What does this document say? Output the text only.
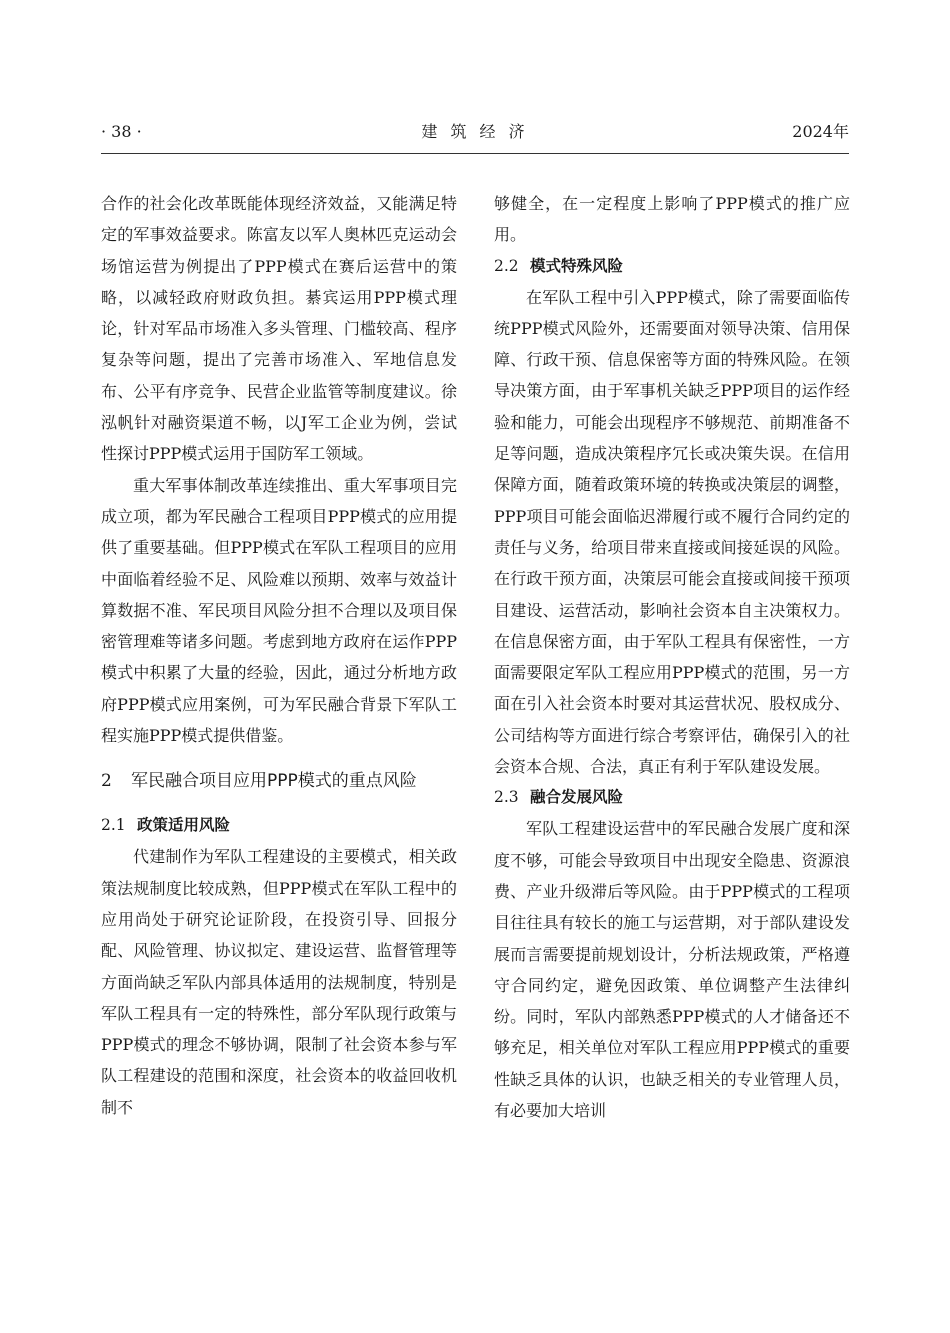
建 筑 经 济
· 38 ·	2024年

合作的社会化改革既能体现经济效益，又能满足特定的军事效益要求。陈富友以军人奥林匹克运动会场馆运营为例提出了PPP模式在赛后运营中的策略，以减轻政府财政负担。綦宾运用PPP模式理论，针对军品市场准入多头管理、门槛较高、程序复杂等问题，提出了完善市场准入、军地信息发布、公平有序竞争、民营企业监管等制度建议。徐泓帆针对融资渠道不畅，以J军工企业为例，尝试性探讨PPP模式运用于国防军工领域。

重大军事体制改革连续推出、重大军事项目完成立项，都为军民融合工程项目PPP模式的应用提供了重要基础。但PPP模式在军队工程项目的应用中面临着经验不足、风险难以预期、效率与效益计算数据不准、军民项目风险分担不合理以及项目保密管理难等诸多问题。考虑到地方政府在运作PPP模式中积累了大量的经验，因此，通过分析地方政府PPP模式应用案例，可为军民融合背景下军队工程实施PPP模式提供借鉴。

2 军民融合项目应用PPP模式的重点风险
2.1 政策适用风险

代建制作为军队工程建设的主要模式，相关政策法规制度比较成熟，但PPP模式在军队工程中的应用尚处于研究论证阶段，在投资引导、回报分配、风险管理、协议拟定、建设运营、监督管理等方面尚缺乏军队内部具体适用的法规制度，特别是军队工程具有一定的特殊性，部分军队现行政策与PPP模式的理念不够协调，限制了社会资本参与军队工程建设的范围和深度，社会资本的收益回收机制不

够健全，在一定程度上影响了PPP模式的推广应用。

2.2 模式特殊风险

在军队工程中引入PPP模式，除了需要面临传统PPP模式风险外，还需要面对领导决策、信用保障、行政干预、信息保密等方面的特殊风险。在领导决策方面，由于军事机关缺乏PPP项目的运作经验和能力，可能会出现程序不够规范、前期准备不足等问题，造成决策程序冗长或决策失误。在信用保障方面，随着政策环境的转换或决策层的调整，PPP项目可能会面临迟滞履行或不履行合同约定的责任与义务，给项目带来直接或间接延误的风险。在行政干预方面，决策层可能会直接或间接干预项目建设、运营活动，影响社会资本自主决策权力。在信息保密方面，由于军队工程具有保密性，一方面需要限定军队工程应用PPP模式的范围，另一方面在引入社会资本时要对其运营状况、股权成分、公司结构等方面进行综合考察评估，确保引入的社会资本合规、合法，真正有利于军队建设发展。

2.3 融合发展风险

军队工程建设运营中的军民融合发展广度和深度不够，可能会导致项目中出现安全隐患、资源浪费、产业升级滞后等风险。由于PPP模式的工程项目往往具有较长的施工与运营期，对于部队建设发展而言需要提前规划设计，分析法规政策，严格遵守合同约定，避免因政策、单位调整产生法律纠纷。同时，军队内部熟悉PPP模式的人才储备还不够充足，相关单位对军队工程应用PPP模式的重要性缺乏具体的认识，也缺乏相关的专业管理人员，有必要加大培训
